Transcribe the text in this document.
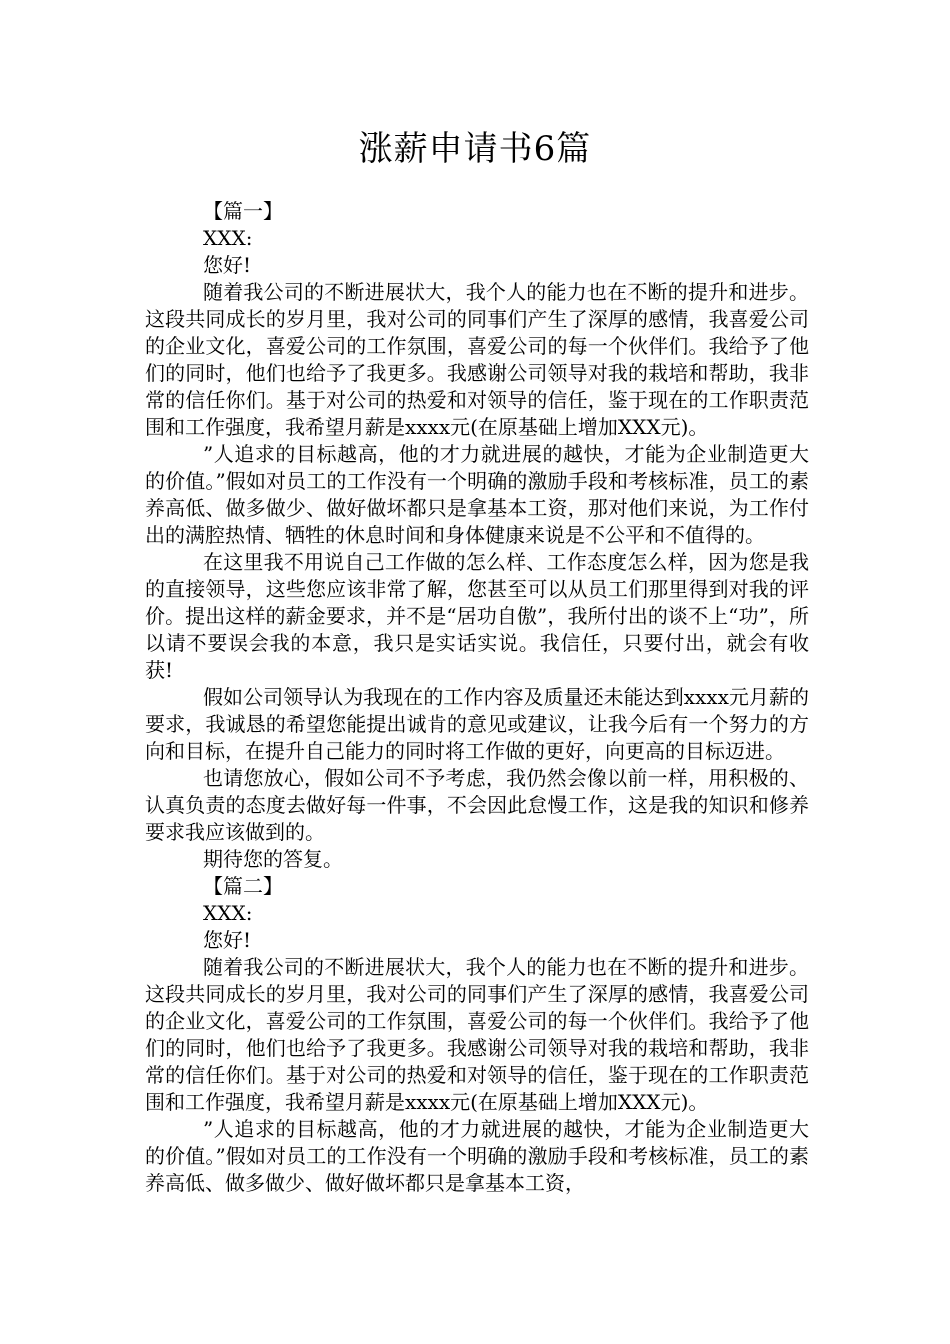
涨薪申请书6篇

【篇一】

XXX:

您好!

随着我公司的不断进展状大，我个人的能力也在不断的提升和进步。这段共同成长的岁月里，我对公司的同事们产生了深厚的感情，我喜爱公司的企业文化，喜爱公司的工作氛围，喜爱公司的每一个伙伴们。我给予了他们的同时，他们也给予了我更多。我感谢公司领导对我的栽培和帮助，我非常的信任你们。基于对公司的热爱和对领导的信任，鉴于现在的工作职责范围和工作强度，我希望月薪是xxxx元(在原基础上增加XXX元)。

”人追求的目标越高，他的才力就进展的越快，才能为企业制造更大的价值。”假如对员工的工作没有一个明确的激励手段和考核标准，员工的素养高低、做多做少、做好做坏都只是拿基本工资，那对他们来说，为工作付出的满腔热情、牺牲的休息时间和身体健康来说是不公平和不值得的。

在这里我不用说自己工作做的怎么样、工作态度怎么样，因为您是我的直接领导，这些您应该非常了解，您甚至可以从员工们那里得到对我的评价。提出这样的薪金要求，并不是“居功自傲”，我所付出的谈不上“功”，所以请不要误会我的本意，我只是实话实说。我信任，只要付出，就会有收获!

假如公司领导认为我现在的工作内容及质量还未能达到xxxx元月薪的要求，我诚恳的希望您能提出诚肯的意见或建议，让我今后有一个努力的方向和目标，在提升自己能力的同时将工作做的更好，向更高的目标迈进。

也请您放心，假如公司不予考虑，我仍然会像以前一样，用积极的、认真负责的态度去做好每一件事，不会因此怠慢工作，这是我的知识和修养要求我应该做到的。

期待您的答复。

【篇二】

XXX:

您好!

随着我公司的不断进展状大，我个人的能力也在不断的提升和进步。这段共同成长的岁月里，我对公司的同事们产生了深厚的感情，我喜爱公司的企业文化，喜爱公司的工作氛围，喜爱公司的每一个伙伴们。我给予了他们的同时，他们也给予了我更多。我感谢公司领导对我的栽培和帮助，我非常的信任你们。基于对公司的热爱和对领导的信任，鉴于现在的工作职责范围和工作强度，我希望月薪是xxxx元(在原基础上增加XXX元)。

”人追求的目标越高，他的才力就进展的越快，才能为企业制造更大的价值。”假如对员工的工作没有一个明确的激励手段和考核标准，员工的素养高低、做多做少、做好做坏都只是拿基本工资，
